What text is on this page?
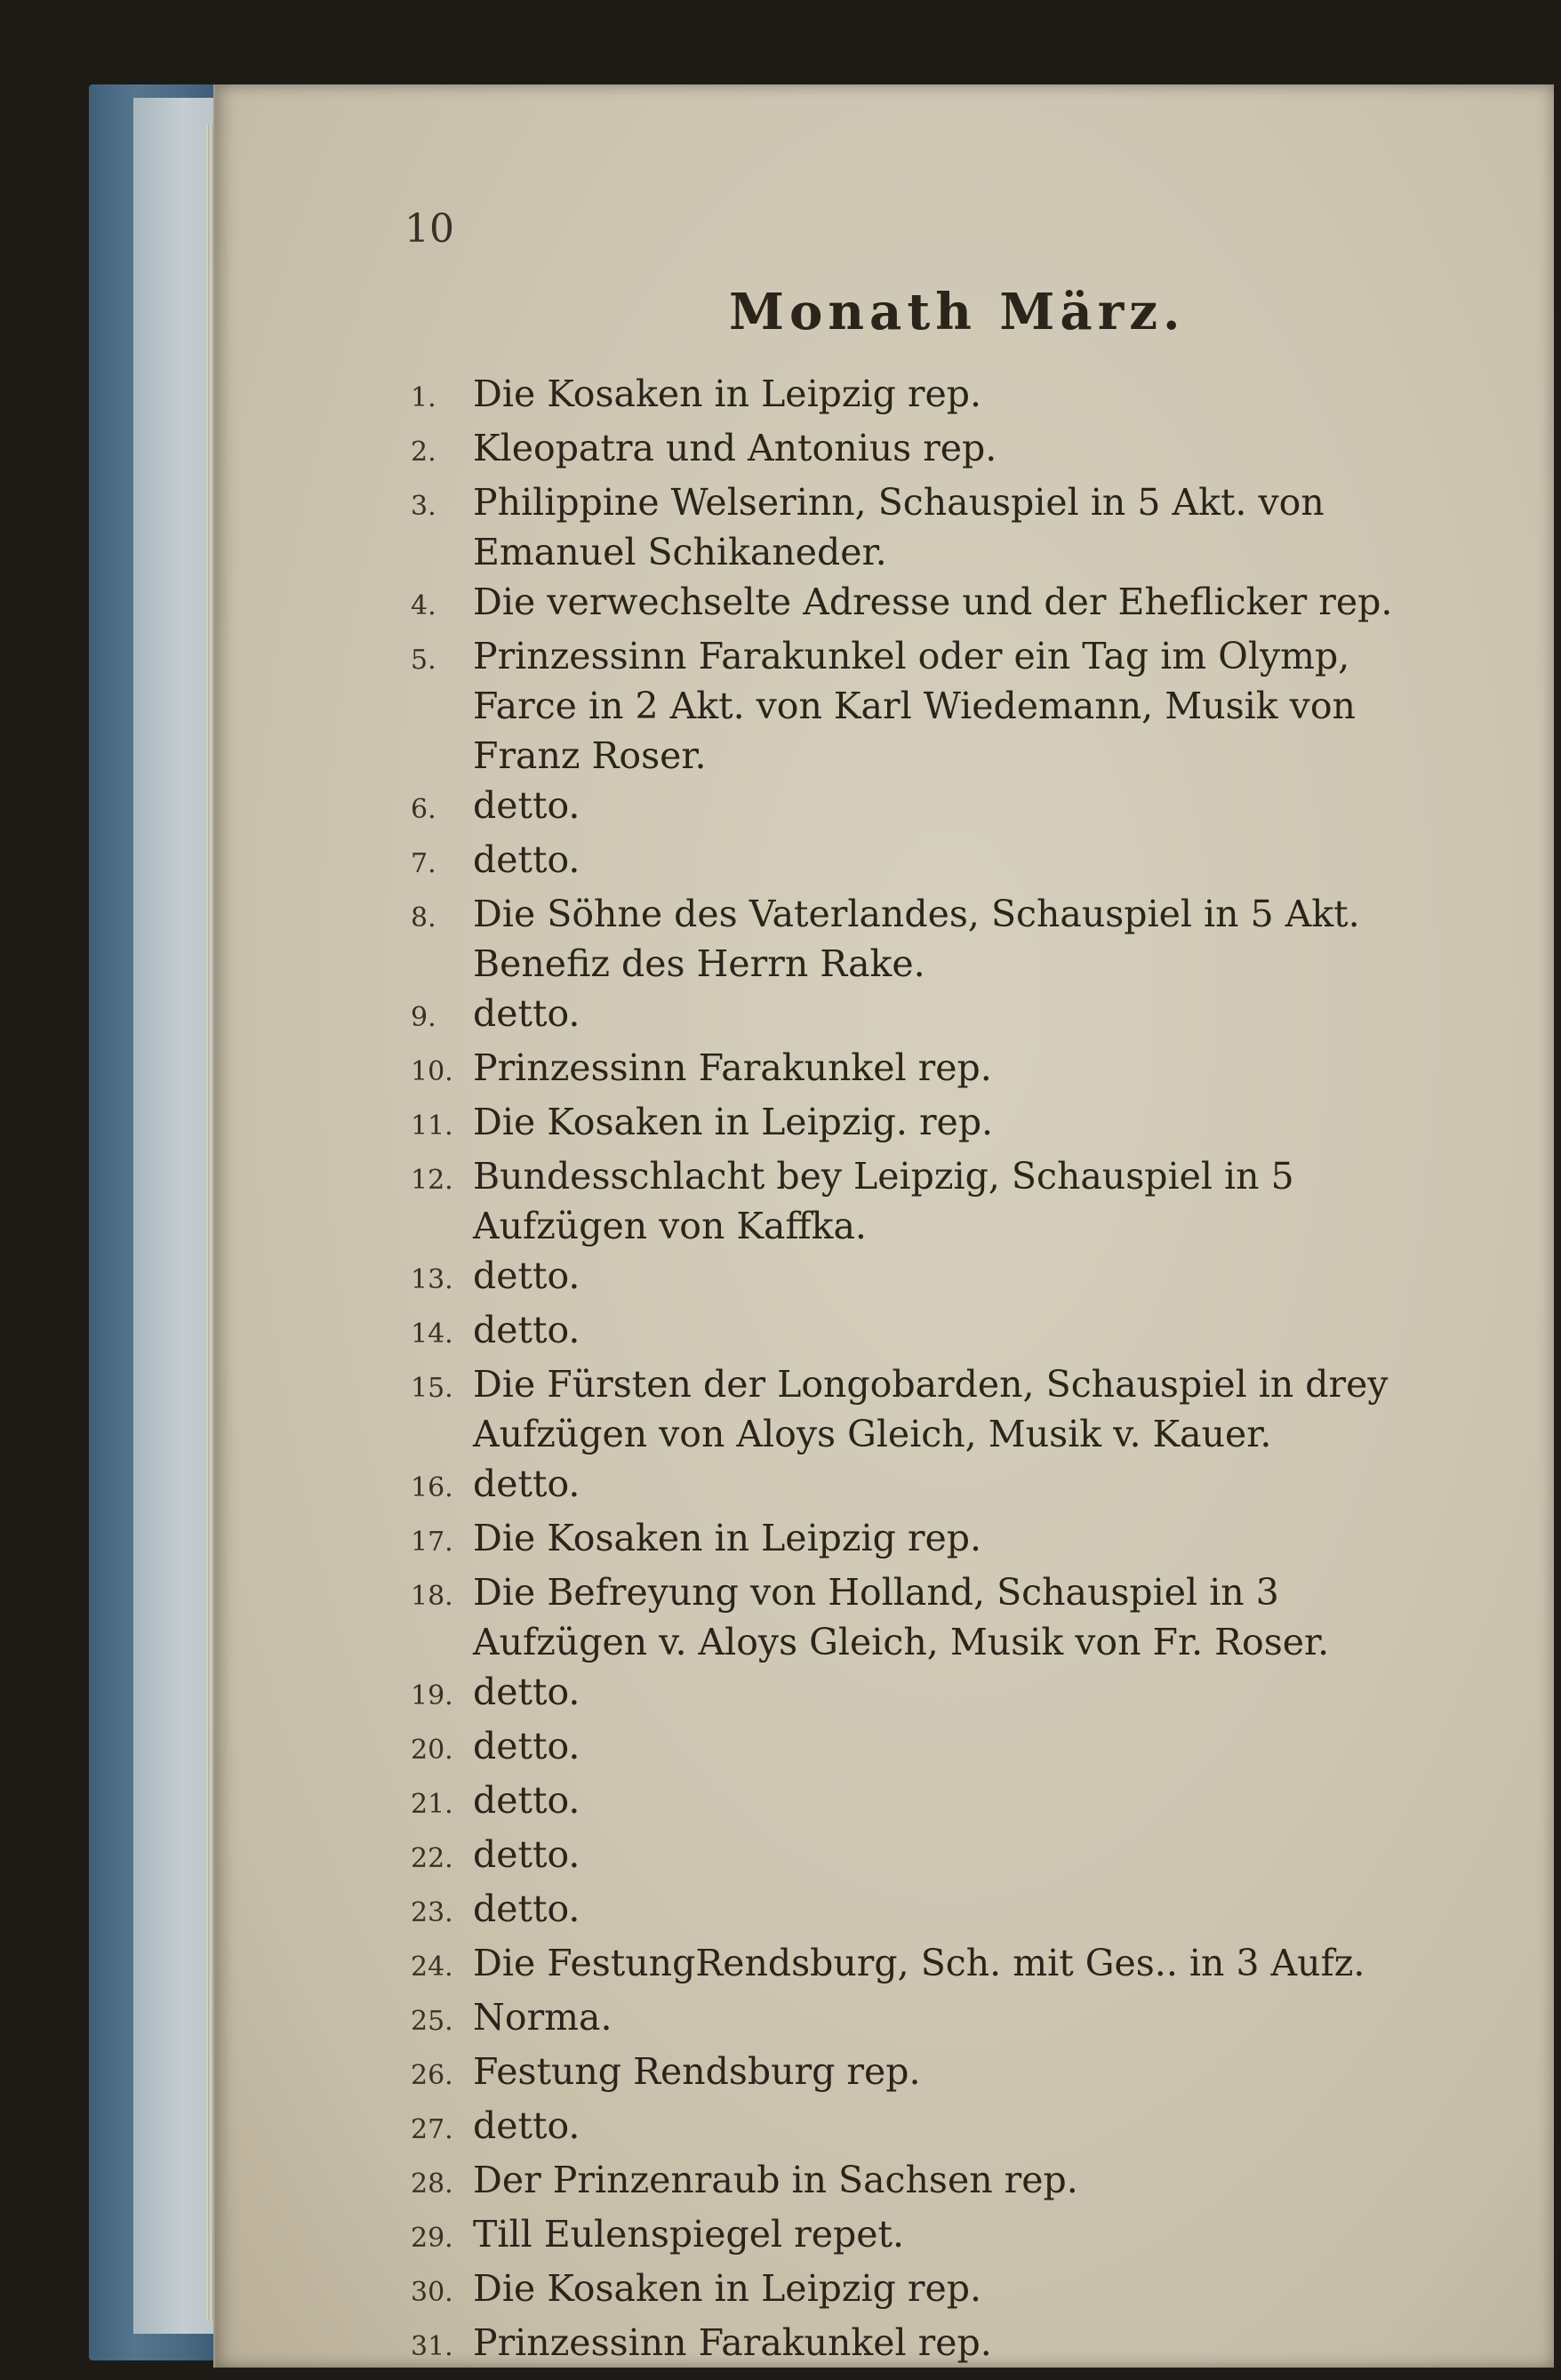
10
Monath März.
1.	Die Kosaken in Leipzig rep.
2.	Kleopatra und Antonius rep.
3.	Philippine Welserinn, Schauspiel in 5 Akt. von Emanuel Schikaneder.
4.	Die verwechselte Adresse und der Eheflicker rep.
5.	Prinzessinn Farakunkel oder ein Tag im Olymp, Farce in 2 Akt. von Karl Wiedemann, Musik von Franz Roser.
6.	detto.
7.	detto.
8.	Die Söhne des Vaterlandes, Schauspiel in 5 Akt. Benefiz des Herrn Rake.
9.	detto.
10. Prinzessinn Farakunkel rep.
11. Die Kosaken in Leipzig. rep.
12. Bundesschlacht bey Leipzig, Schauspiel in 5 Aufzügen von Kaffka.
13. detto.
14. detto.
15. Die Fürsten der Longobarden, Schauspiel in drey Aufzügen von Aloys Gleich, Musik v. Kauer.
16. detto.
17. Die Kosaken in Leipzig rep.
18. Die Befreyung von Holland, Schauspiel in 3 Aufzügen v. Aloys Gleich, Musik von Fr. Roser.
19. detto.
20. detto.
21. detto.
22. detto.
23. detto.
24. Die FestungRendsburg, Sch. mit Ges.. in 3 Aufz.
25. Norma.
26. Festung Rendsburg rep.
27. detto.
28. Der Prinzenraub in Sachsen rep.
29. Till Eulenspiegel repet.
30. Die Kosaken in Leipzig rep.
31. Prinzessinn Farakunkel rep.
